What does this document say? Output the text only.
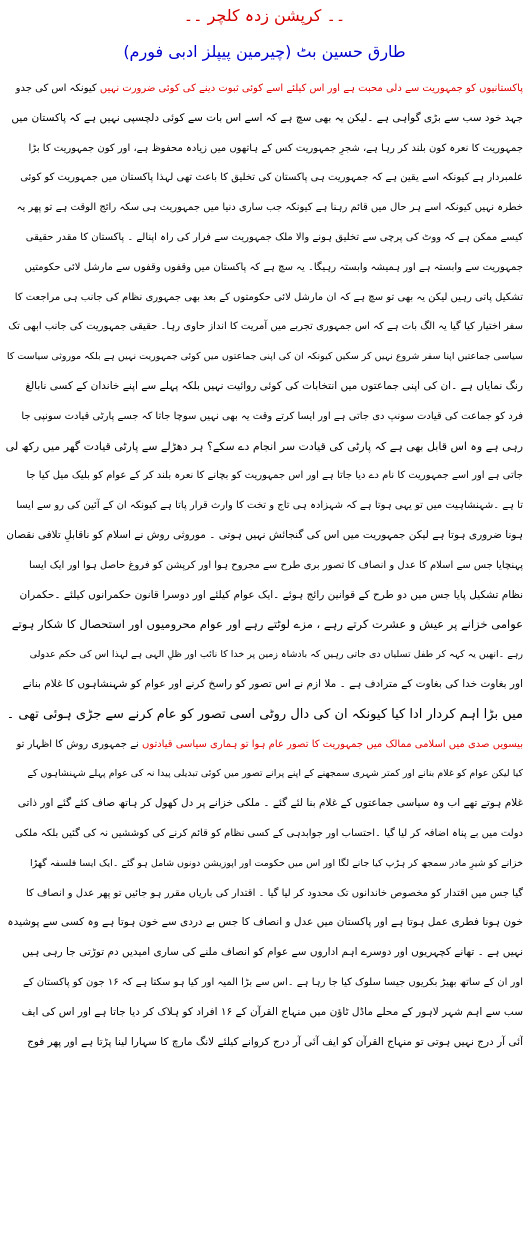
۔۔ کرپشن زدہ کلچر ۔۔
طارق حسین بٹ (چیرمین پیپلز ادبی فورم)
پاکستانیوں کو جمہوریت سے دلی محبت ہے اور اس کیلئے اسے کوئی ثبوت دینے کی کوئی ضرورت نہیں کیونکہ اس کی جدو
جہد خود سب سے بڑی گواہی ہے ۔لیکن یہ بھی سچ ہے کہ اسے اس بات سے کوئی دلچسپی نہیں ہے کہ پاکستان میں
جمہوریت کا نعرہ کون بلند کر رہا ہے، شجرِ جمہوریت کس کے ہاتھوں میں زیادہ محفوظ ہے، اور کون جمہوریت کا بڑا
علمبردار ہے کیونکہ اسے یقین ہے کہ جمہوریت ہی پاکستان کی تخلیق کا باعث تھی لہذا پاکستان میں جمہوریت کو کوئی
خطرہ نہیں کیونکہ اسے ہر حال میں قائم رہنا ہے کیونکہ جب ساری دنیا میں جمہوریت ہی سکہ رائج الوقت ہے تو پھر یہ
کیسے ممکن ہے کہ ووٹ کی پرچی سے تخلیق ہونے والا ملک جمہوریت سے فرار کی راہ اپنالے ۔ پاکستان کا مقدر حقیقی
جمہوریت سے وابستہ ہے اور ہمیشہ وابستہ رہیگا۔ یہ سچ ہے کہ پاکستان میں وقفوں وقفوں سے مارشل لائی حکومتیں
تشکیل پاتی رہیں لیکن یہ بھی تو سچ ہے کہ ان مارشل لائی حکومتوں کے بعد بھی جمہوری نظام کی جانب ہی مراجعت کا
سفر اختیار کیا گیا یہ الگ بات ہے کہ اس جمہوری تجربے میں آمریت کا انداز حاوی رہا۔ حقیقی جمہوریت کی جانب ابھی تک
سیاسی جماعتیں اپنا سفر شروع نہیں کر سکیں کیونکہ ان کی اپنی جماعتوں میں کوئی جمہوریت نہیں ہے بلکہ موروثی سیاست کا
رنگ نمایاں ہے ۔ان کی اپنی جماعتوں میں انتخابات کی کوئی روائیت نہیں بلکہ پہلے سے اپنے خاندان کے کسی نابالغ
فرد کو جماعت کی قیادت سونپ دی جاتی ہے اور ایسا کرتے وقت یہ بھی نہیں سوچا جاتا کہ جسے پارٹی قیادت سونپی جا
رہی ہے وہ اس قابل بھی ہے کہ پارٹی کی قیادت سر انجام دے سکے؟ ہر دھڑلے سے پارٹی قیادت گھر میں رکھ لی
جاتی ہے اور اسے جمہوریت کا نام دے دیا جاتا ہے اور اس جمہوریت کو بچانے کا نعرہ بلند کر کے عوام کو بلیک میل کیا جا
تا ہے ۔شہنشاہیت میں تو یہی ہوتا ہے کہ شہزادہ ہی تاج و تخت کا وارث قرار پاتا ہے کیونکہ ان کے آئین کی رو سے ایسا
ہونا ضروری ہوتا ہے لیکن جمہوریت میں اس کی گنجائش نہیں ہوتی ۔ موروثی روش نے اسلام کو ناقابلِ تلافی نقصان
پہنچایا جس سے اسلام کا عدل و انصاف کا تصور بری طرح سے مجروح ہوا اور کرپشن کو فروغ حاصل ہوا اور ایک ایسا
نظام تشکیل پایا جس میں دو طرح کے قوانین رائج ہوئے ۔ایک عوام کیلئے اور دوسرا قانون حکمرانوں کیلئے ۔حکمران
عوامی خزانے پر عیش و عشرت کرتے رہے ، مزے لوٹتے رہے اور عوام محرومیوں اور استحصال کا شکار ہوتے
رہے ۔انھیں یہ کہہ کر طفل تسلیاں دی جاتی رہیں کہ بادشاہ زمین پر خدا کا نائب اور ظلِ الہی ہے لہذا اس کی حکم عدولی
اور بغاوت خدا کی بغاوت کے مترادف ہے ۔ ملا ازم نے اس تصور کو راسخ کرنے اور عوام کو شہنشاہوں کا غلام بنانے
میں بڑا اہم کردار ادا کیا کیونکہ ان کی دال روٹی اسی تصور کو عام کرنے سے جڑی ہوئی تھی ۔
بیسویں صدی میں اسلامی ممالک میں جمہوریت کا تصور عام ہوا تو ہماری سیاسی قیادتوں نے جمہوری روش کا اظہار تو
کیا لیکن عوام کو غلام بنانے اور کمتر شہری سمجھنے کے اپنے پرانے تصور میں کوئی تبدیلی پیدا نہ کی عوام پہلے شہنشاہوں کے
غلام ہوتے تھے اب وہ سیاسی جماعتوں کے غلام بنا لئے گئے ۔ ملکی خزانے پر دل کھول کر ہاتھ صاف کئے گئے اور ذاتی
دولت میں بے پناہ اضافہ کر لیا گیا ۔احتساب اور جوابدہی کے کسی نظام کو قائم کرنے کی کوششیں نہ کی گئیں بلکہ ملکی
خزانے کو شیرِ مادر سمجھ کر ہڑپ کیا جانے لگا اور اس میں حکومت اور اپوزیشن دونوں شامل ہو گئے ۔ایک ایسا فلسفہ گھڑا
گیا جس میں اقتدار کو مخصوص خاندانوں تک محدود کر لیا گیا ۔ اقتدار کی باریاں مقرر ہو جائیں تو پھر عدل و انصاف کا
خون ہونا فطری عمل ہوتا ہے اور پاکستان میں عدل و انصاف کا جس بے دردی سے خون ہوتا ہے وہ کسی سے پوشیدہ
نہیں ہے ۔ تھانے کچہریوں اور دوسرے اہم اداروں سے عوام کو انصاف ملنے کی ساری امیدیں دم توڑتی جا رہی ہیں
اور ان کے ساتھ بھیڑ بکریوں جیسا سلوک کیا جا رہا ہے ۔اس سے بڑا المیہ اور کیا ہو سکتا ہے کہ ۱۶ جون کو پاکستان کے
سب سے اہم شہر لاہور کے محلے ماڈل ٹاؤن میں منہاج القرآن کے ۱۶ افراد کو ہلاک کر دیا جاتا ہے اور اس کی ایف
آئی آر درج نہیں ہوتی تو منہاج القرآن کو ایف آئی آر درج کروانے کیلئے لانگ مارچ کا سہارا لینا پڑتا ہے اور پھر فوج
